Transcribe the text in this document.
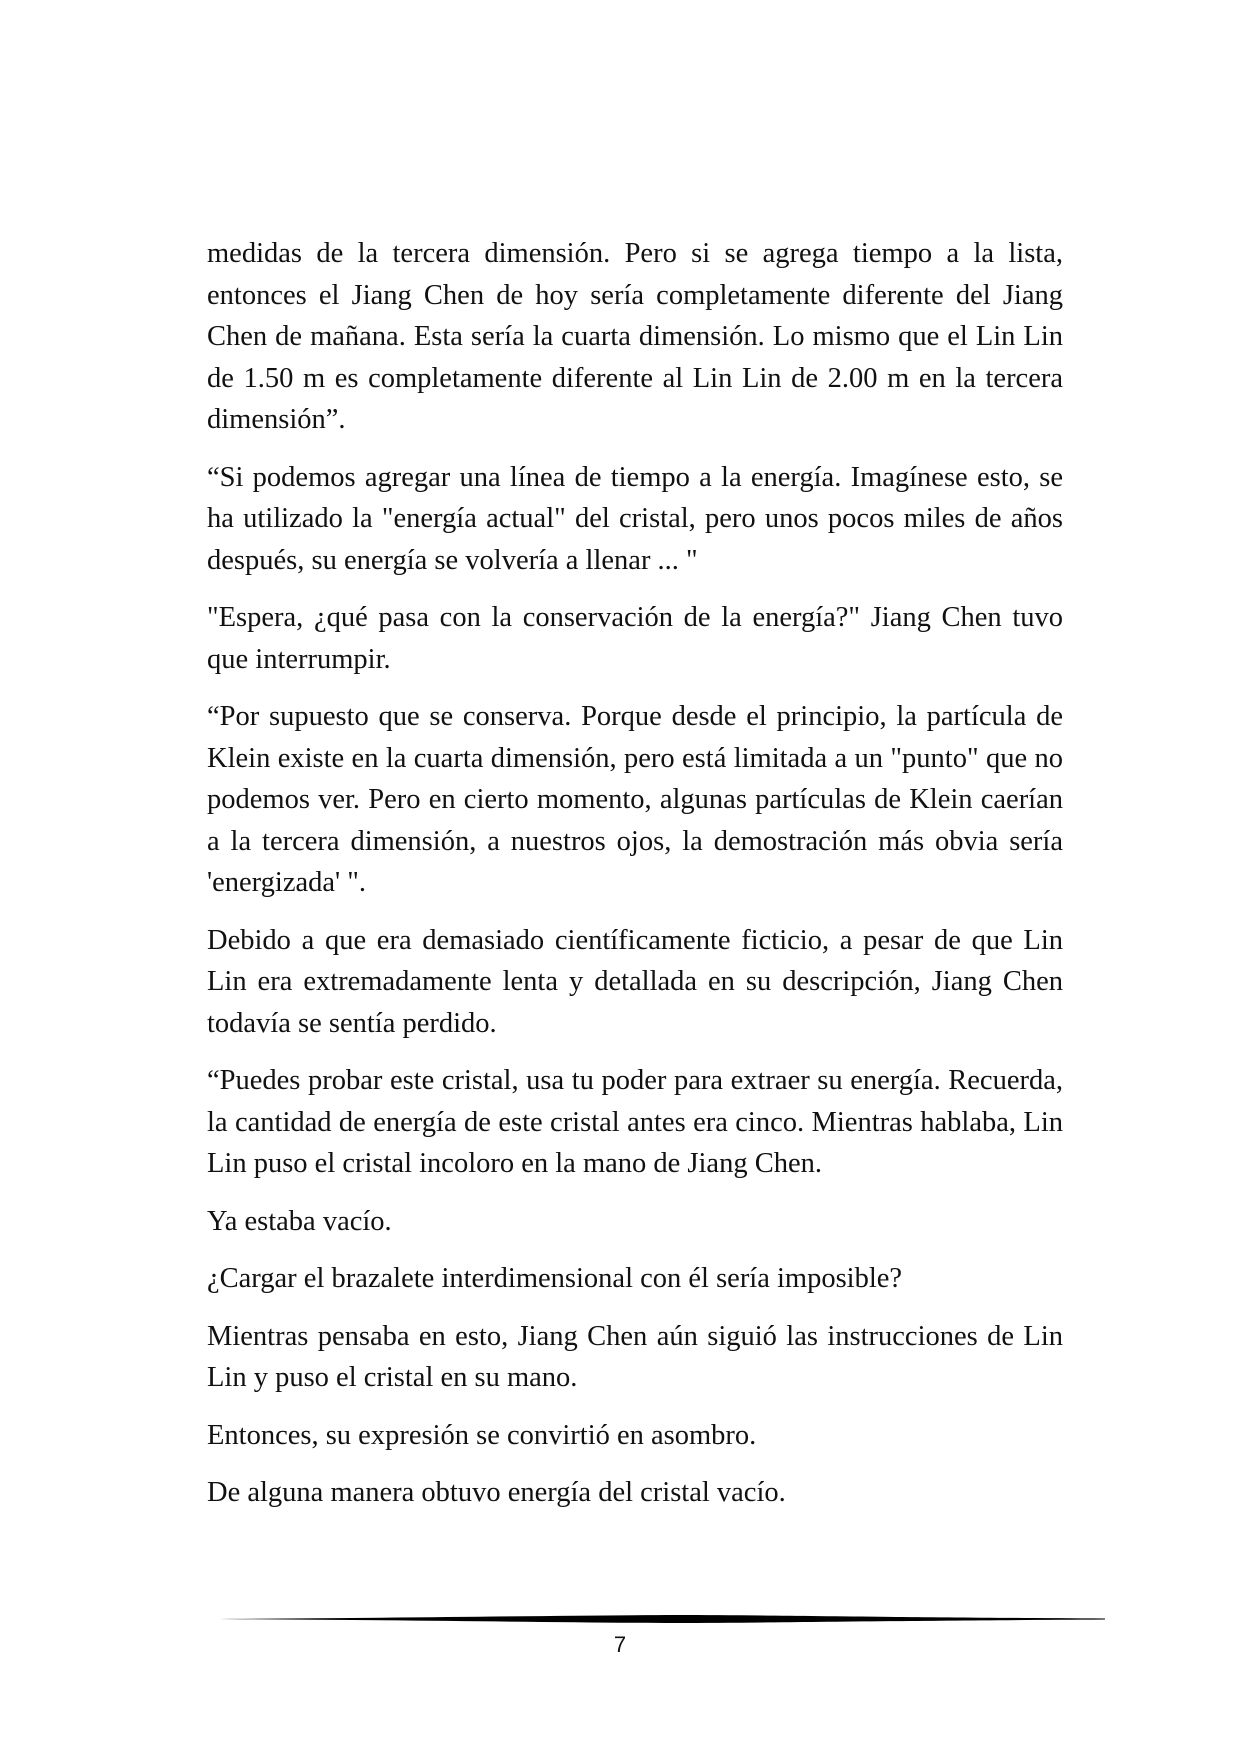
medidas de la tercera dimensión. Pero si se agrega tiempo a la lista, entonces el Jiang Chen de hoy sería completamente diferente del Jiang Chen de mañana. Esta sería la cuarta dimensión. Lo mismo que el Lin Lin de 1.50 m es completamente diferente al Lin Lin de 2.00 m en la tercera dimensión”.

“Si podemos agregar una línea de tiempo a la energía. Imagínese esto, se ha utilizado la "energía actual" del cristal, pero unos pocos miles de años después, su energía se volvería a llenar ... "

"Espera, ¿qué pasa con la conservación de la energía?" Jiang Chen tuvo que interrumpir.

“Por supuesto que se conserva. Porque desde el principio, la partícula de Klein existe en la cuarta dimensión, pero está limitada a un "punto" que no podemos ver. Pero en cierto momento, algunas partículas de Klein caerían a la tercera dimensión, a nuestros ojos, la demostración más obvia sería 'energizada' ".

Debido a que era demasiado científicamente ficticio, a pesar de que Lin Lin era extremadamente lenta y detallada en su descripción, Jiang Chen todavía se sentía perdido.

“Puedes probar este cristal, usa tu poder para extraer su energía. Recuerda, la cantidad de energía de este cristal antes era cinco. Mientras hablaba, Lin Lin puso el cristal incoloro en la mano de Jiang Chen.

Ya estaba vacío.

¿Cargar el brazalete interdimensional con él sería imposible?

Mientras pensaba en esto, Jiang Chen aún siguió las instrucciones de Lin Lin y puso el cristal en su mano.

Entonces, su expresión se convirtió en asombro.

De alguna manera obtuvo energía del cristal vacío.

7
